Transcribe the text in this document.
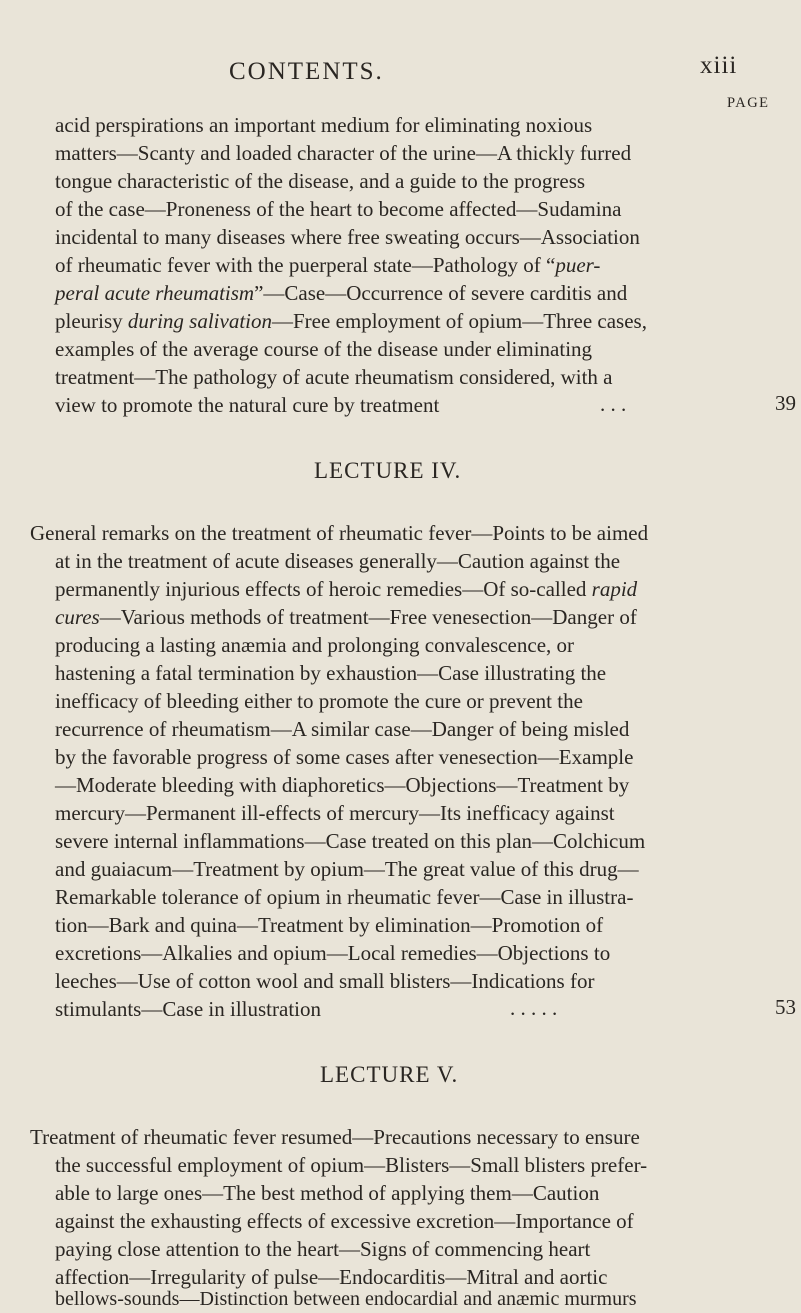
CONTENTS.	xiii
PAGE
acid perspirations an important medium for eliminating noxious
matters—Scanty and loaded character of the urine—A thickly furred
tongue characteristic of the disease, and a guide to the progress
of the case—Proneness of the heart to become affected—Sudamina
incidental to many diseases where free sweating occurs—Association
of rheumatic fever with the puerperal state—Pathology of “puer-
peral acute rheumatism”—Case—Occurrence of severe carditis and
pleurisy during salivation—Free employment of opium—Three cases,
examples of the average course of the disease under eliminating
treatment—The pathology of acute rheumatism considered, with a
view to promote the natural cure by treatment	. . .	39
LECTURE IV.
General remarks on the treatment of rheumatic fever—Points to be aimed
at in the treatment of acute diseases generally—Caution against the
permanently injurious effects of heroic remedies—Of so-called rapid
cures—Various methods of treatment—Free venesection—Danger of
producing a lasting anæmia and prolonging convalescence, or
hastening a fatal termination by exhaustion—Case illustrating the
inefficacy of bleeding either to promote the cure or prevent the
recurrence of rheumatism—A similar case—Danger of being misled
by the favorable progress of some cases after venesection—Example
—Moderate bleeding with diaphoretics—Objections—Treatment by
mercury—Permanent ill-effects of mercury—Its inefficacy against
severe internal inflammations—Case treated on this plan—Colchicum
and guaiacum—Treatment by opium—The great value of this drug—
Remarkable tolerance of opium in rheumatic fever—Case in illustra-
tion—Bark and quina—Treatment by elimination—Promotion of
excretions—Alkalies and opium—Local remedies—Objections to
leeches—Use of cotton wool and small blisters—Indications for
stimulants—Case in illustration	. . . . .	53
LECTURE V.
Treatment of rheumatic fever resumed—Precautions necessary to ensure
the successful employment of opium—Blisters—Small blisters prefer-
able to large ones—The best method of applying them—Caution
against the exhausting effects of excessive excretion—Importance of
paying close attention to the heart—Signs of commencing heart
affection—Irregularity of pulse—Endocarditis—Mitral and aortic
bellows-sounds—Distinction between endocardial and anæmic murmurs
